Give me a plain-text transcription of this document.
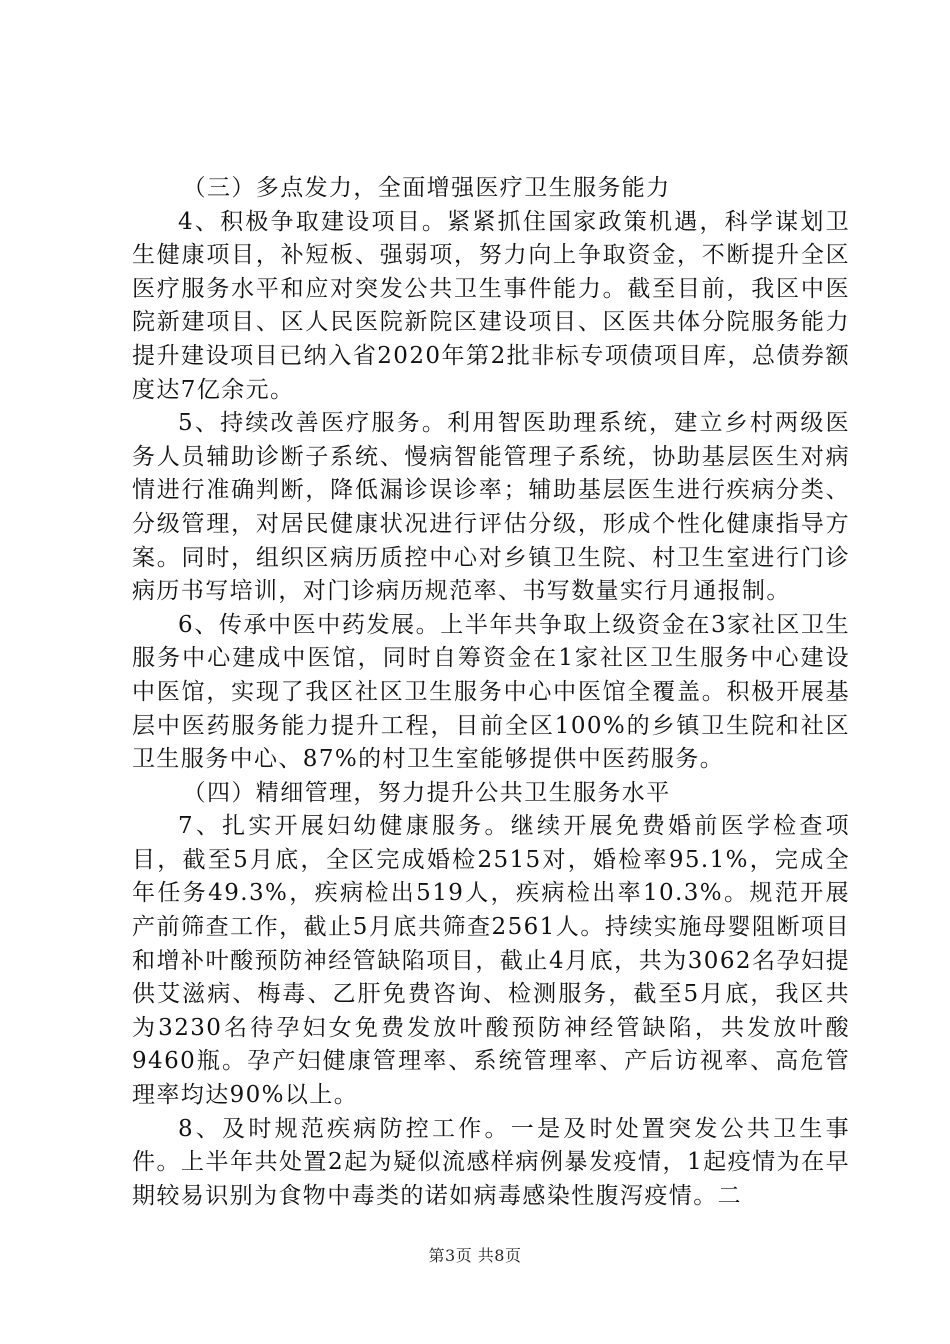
（三）多点发力，全面增强医疗卫生服务能力

4、积极争取建设项目。紧紧抓住国家政策机遇，科学谋划卫生健康项目，补短板、强弱项，努力向上争取资金，不断提升全区医疗服务水平和应对突发公共卫生事件能力。截至目前，我区中医院新建项目、区人民医院新院区建设项目、区医共体分院服务能力提升建设项目已纳入省2020年第2批非标专项债项目库，总债券额度达7亿余元。

5、持续改善医疗服务。利用智医助理系统，建立乡村两级医务人员辅助诊断子系统、慢病智能管理子系统，协助基层医生对病情进行准确判断，降低漏诊误诊率；辅助基层医生进行疾病分类、分级管理，对居民健康状况进行评估分级，形成个性化健康指导方案。同时，组织区病历质控中心对乡镇卫生院、村卫生室进行门诊病历书写培训，对门诊病历规范率、书写数量实行月通报制。

6、传承中医中药发展。上半年共争取上级资金在3家社区卫生服务中心建成中医馆，同时自筹资金在1家社区卫生服务中心建设中医馆，实现了我区社区卫生服务中心中医馆全覆盖。积极开展基层中医药服务能力提升工程，目前全区100%的乡镇卫生院和社区卫生服务中心、87%的村卫生室能够提供中医药服务。

（四）精细管理，努力提升公共卫生服务水平

7、扎实开展妇幼健康服务。继续开展免费婚前医学检查项目，截至5月底，全区完成婚检2515对，婚检率95.1%，完成全年任务49.3%，疾病检出519人，疾病检出率10.3%。规范开展产前筛查工作，截止5月底共筛查2561人。持续实施母婴阻断项目和增补叶酸预防神经管缺陷项目，截止4月底，共为3062名孕妇提供艾滋病、梅毒、乙肝免费咨询、检测服务，截至5月底，我区共为3230名待孕妇女免费发放叶酸预防神经管缺陷，共发放叶酸9460瓶。孕产妇健康管理率、系统管理率、产后访视率、高危管理率均达90%以上。

8、及时规范疾病防控工作。一是及时处置突发公共卫生事件。上半年共处置2起为疑似流感样病例暴发疫情，1起疫情为在早期较易识别为食物中毒类的诺如病毒感染性腹泻疫情。二

第3页 共8页
